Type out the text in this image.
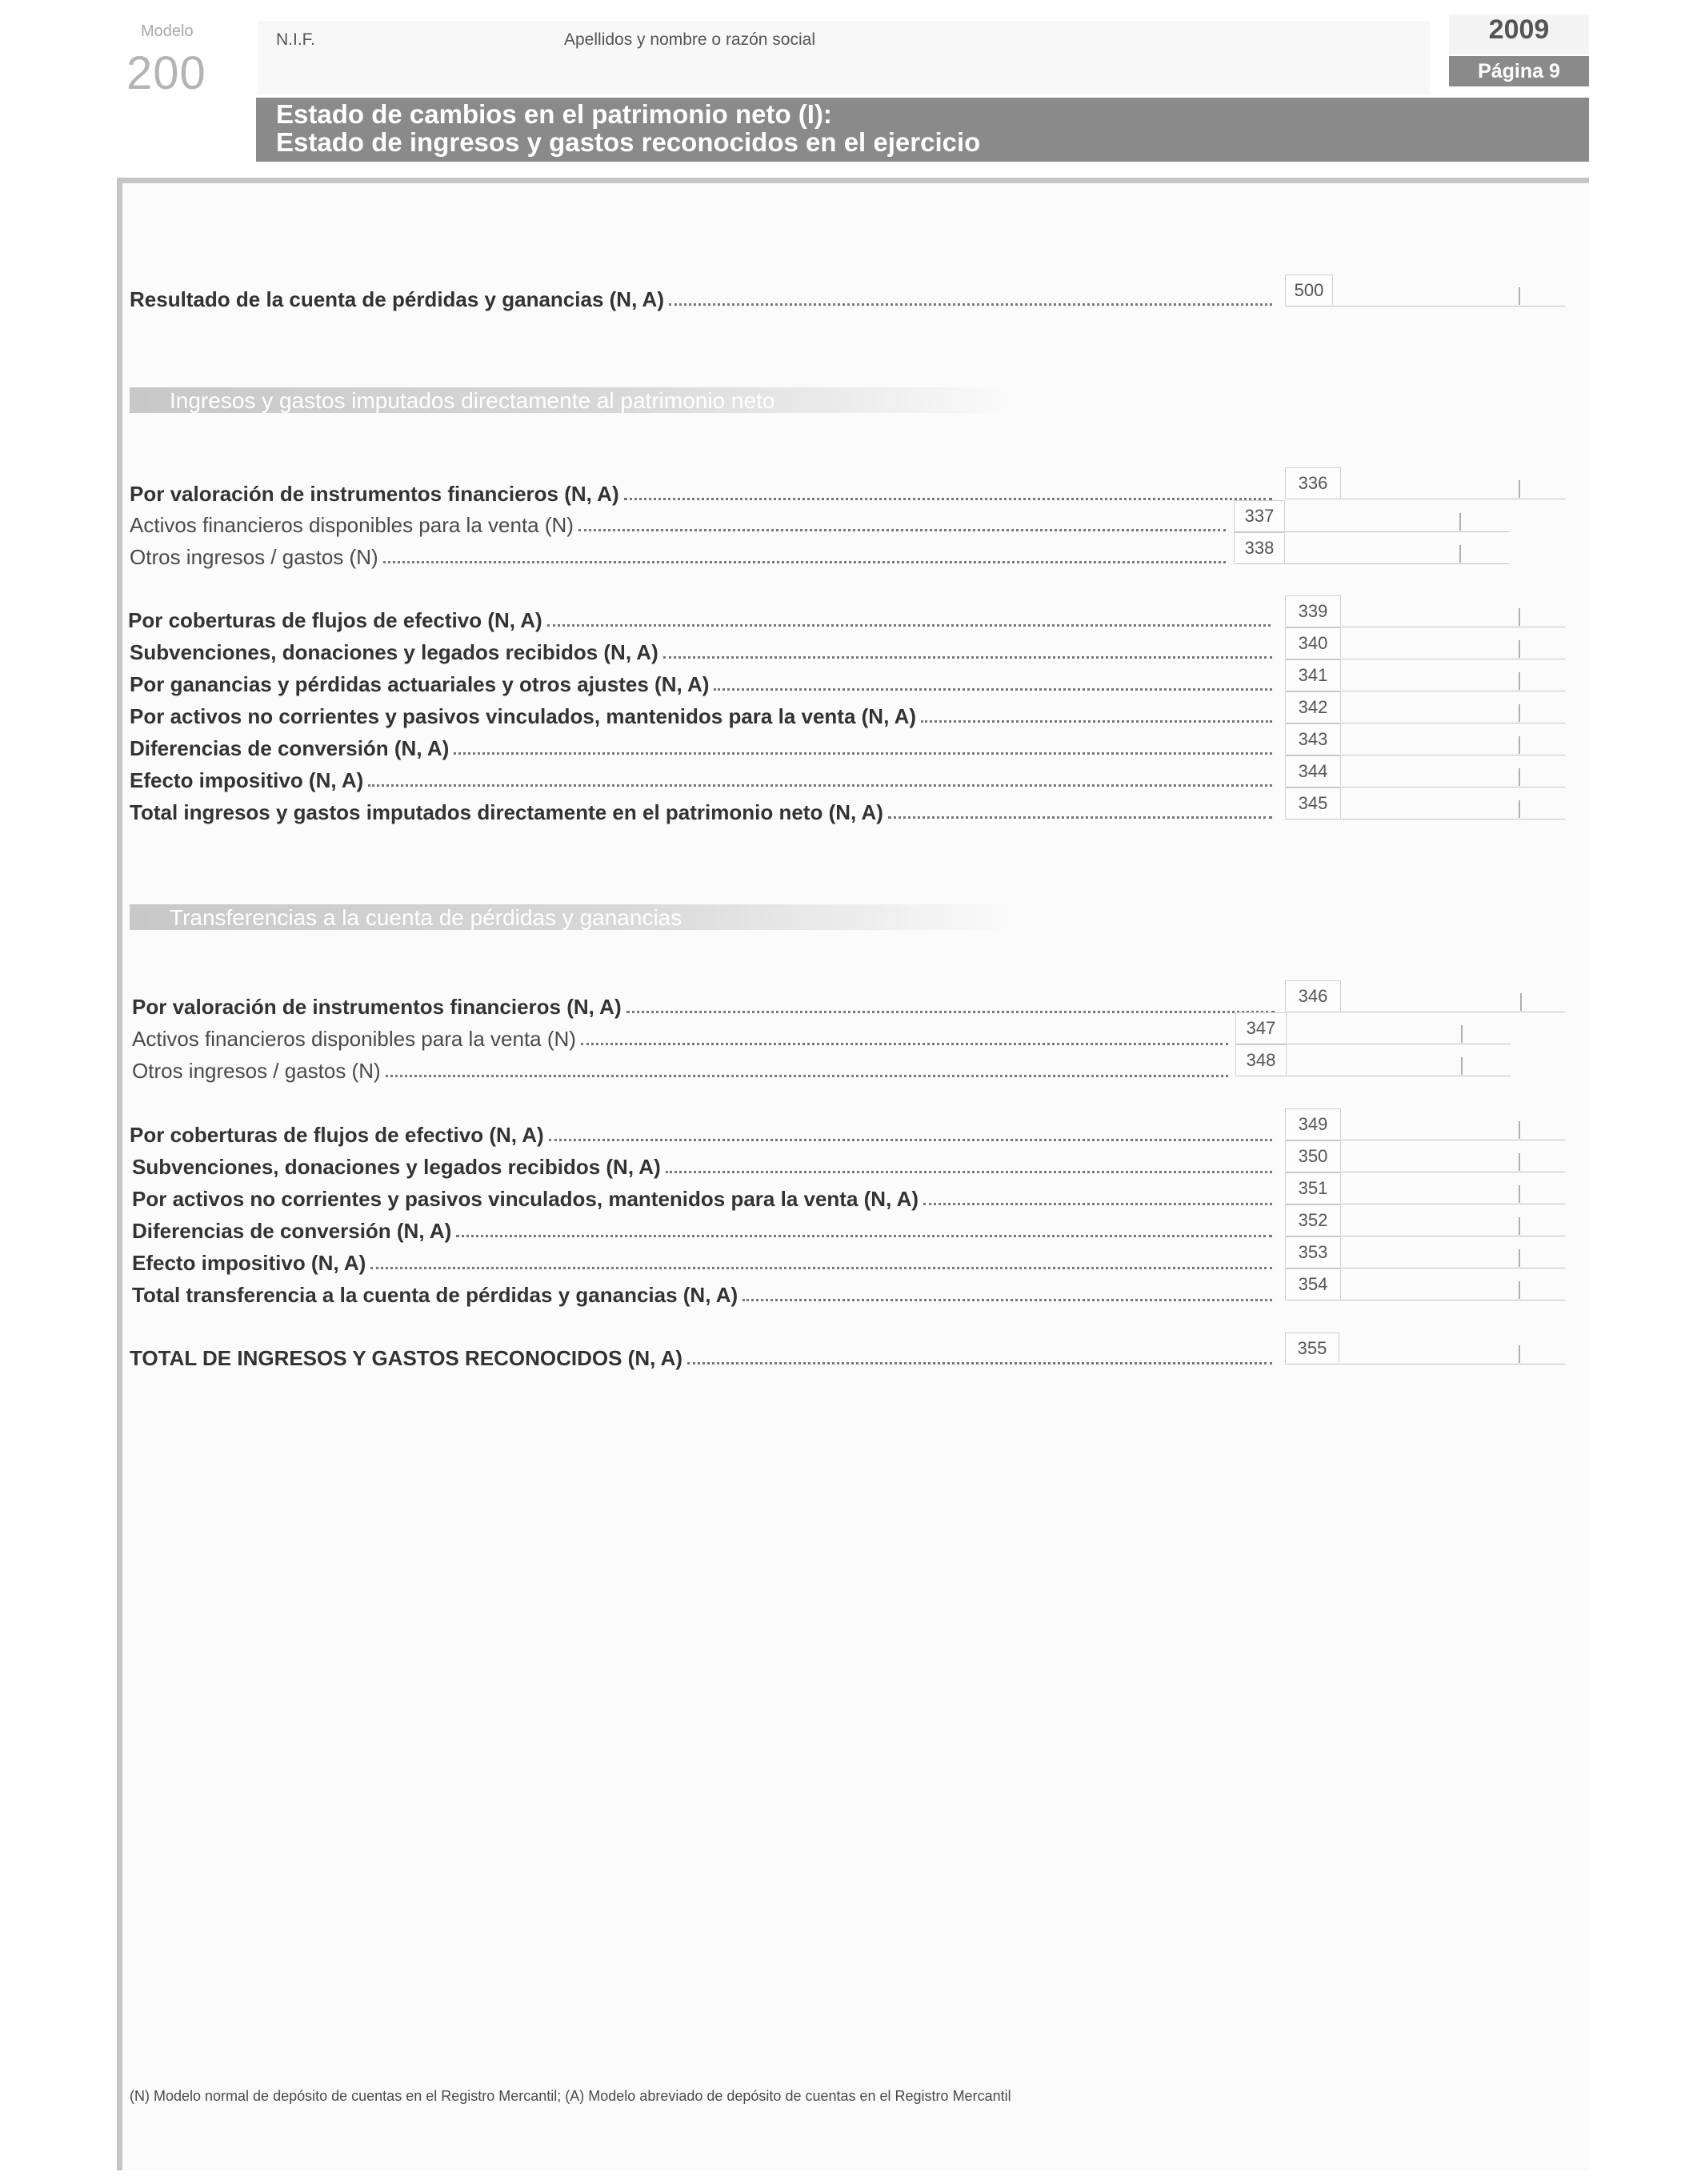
Modelo
200
N.I.F.	Apellidos y nombre o razón social	2009
Página 9
Estado de cambios en el patrimonio neto (I):
Estado de ingresos y gastos reconocidos en el ejercicio
Resultado de la cuenta de pérdidas y ganancias (N, A)	500
Ingresos y gastos imputados directamente al patrimonio neto
Por valoración de instrumentos financieros (N, A)	336
Activos financieros disponibles para la venta (N)	337
Otros ingresos / gastos (N)	338
Por coberturas de flujos de efectivo (N, A)	339
Subvenciones, donaciones y legados recibidos (N, A)	340
Por ganancias y pérdidas actuariales y otros ajustes (N, A)	341
Por activos no corrientes y pasivos vinculados, mantenidos para la venta (N, A)	342
Diferencias de conversión (N, A)	343
Efecto impositivo (N, A)	344
Total ingresos y gastos imputados directamente en el patrimonio neto (N, A)	345
Transferencias a la cuenta de pérdidas y ganancias
Por valoración de instrumentos financieros (N, A)	346
Activos financieros disponibles para la venta (N)	347
Otros ingresos / gastos (N)	348
Por coberturas de flujos de efectivo (N, A)	349
Subvenciones, donaciones y legados recibidos (N, A)	350
Por activos no corrientes y pasivos vinculados, mantenidos para la venta (N, A)	351
Diferencias de conversión (N, A)	352
Efecto impositivo (N, A)	353
Total transferencia a la cuenta de pérdidas y ganancias (N, A)	354
TOTAL DE INGRESOS Y GASTOS RECONOCIDOS (N, A)	355
(N) Modelo normal de depósito de cuentas en el Registro Mercantil; (A) Modelo abreviado de depósito de cuentas en el Registro Mercantil
